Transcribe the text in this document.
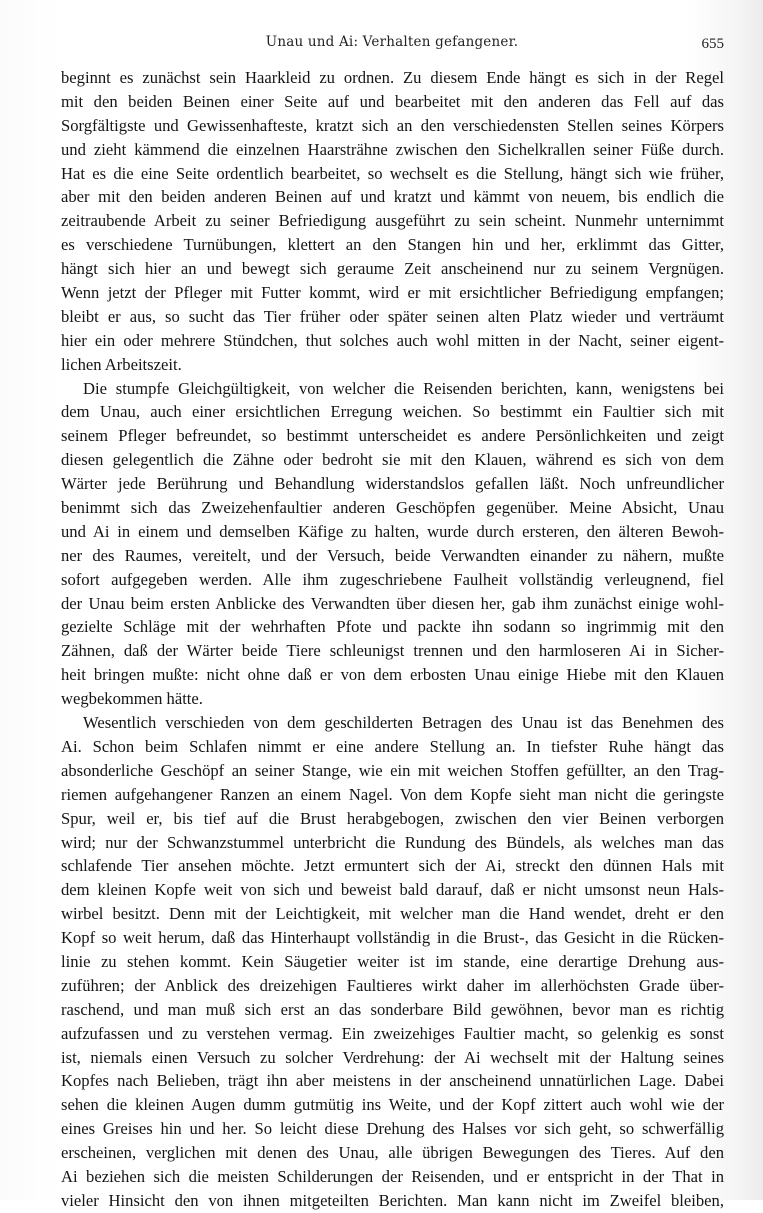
Unau und Ai: Verhalten gefangener.	655
beginnt es zunächst sein Haarkleid zu ordnen. Zu diesem Ende hängt es sich in der Regel
mit den beiden Beinen einer Seite auf und bearbeitet mit den anderen das Fell auf das
Sorgfältigste und Gewissenhafteste, kratzt sich an den verschiedensten Stellen seines Körpers
und zieht kämmend die einzelnen Haarsträhne zwischen den Sichelkrallen seiner Füße durch.
Hat es die eine Seite ordentlich bearbeitet, so wechselt es die Stellung, hängt sich wie früher,
aber mit den beiden anderen Beinen auf und kratzt und kämmt von neuem, bis endlich die
zeitraubende Arbeit zu seiner Befriedigung ausgeführt zu sein scheint. Nunmehr unternimmt
es verschiedene Turnübungen, klettert an den Stangen hin und her, erklimmt das Gitter,
hängt sich hier an und bewegt sich geraume Zeit anscheinend nur zu seinem Vergnügen.
Wenn jetzt der Pfleger mit Futter kommt, wird er mit ersichtlicher Befriedigung empfangen;
bleibt er aus, so sucht das Tier früher oder später seinen alten Platz wieder und verträumt
hier ein oder mehrere Stündchen, thut solches auch wohl mitten in der Nacht, seiner eigent-
lichen Arbeitszeit.
Die stumpfe Gleichgültigkeit, von welcher die Reisenden berichten, kann, wenigstens bei
dem Unau, auch einer ersichtlichen Erregung weichen. So bestimmt ein Faultier sich mit
seinem Pfleger befreundet, so bestimmt unterscheidet es andere Persönlichkeiten und zeigt
diesen gelegentlich die Zähne oder bedroht sie mit den Klauen, während es sich von dem
Wärter jede Berührung und Behandlung widerstandslos gefallen läßt. Noch unfreundlicher
benimmt sich das Zweizehenfaultier anderen Geschöpfen gegenüber. Meine Absicht, Unau
und Ai in einem und demselben Käfige zu halten, wurde durch ersteren, den älteren Bewoh-
ner des Raumes, vereitelt, und der Versuch, beide Verwandten einander zu nähern, mußte
sofort aufgegeben werden. Alle ihm zugeschriebene Faulheit vollständig verleugnend, fiel
der Unau beim ersten Anblicke des Verwandten über diesen her, gab ihm zunächst einige wohl-
gezielte Schläge mit der wehrhaften Pfote und packte ihn sodann so ingrimmig mit den
Zähnen, daß der Wärter beide Tiere schleunigst trennen und den harmloseren Ai in Sicher-
heit bringen mußte: nicht ohne daß er von dem erbosten Unau einige Hiebe mit den Klauen
wegbekommen hätte.
Wesentlich verschieden von dem geschilderten Betragen des Unau ist das Benehmen des
Ai. Schon beim Schlafen nimmt er eine andere Stellung an. In tiefster Ruhe hängt das
absonderliche Geschöpf an seiner Stange, wie ein mit weichen Stoffen gefüllter, an den Trag-
riemen aufgehangener Ranzen an einem Nagel. Von dem Kopfe sieht man nicht die geringste
Spur, weil er, bis tief auf die Brust herabgebogen, zwischen den vier Beinen verborgen
wird; nur der Schwanzstummel unterbricht die Rundung des Bündels, als welches man das
schlafende Tier ansehen möchte. Jetzt ermuntert sich der Ai, streckt den dünnen Hals mit
dem kleinen Kopfe weit von sich und beweist bald darauf, daß er nicht umsonst neun Hals-
wirbel besitzt. Denn mit der Leichtigkeit, mit welcher man die Hand wendet, dreht er den
Kopf so weit herum, daß das Hinterhaupt vollständig in die Brust-, das Gesicht in die Rücken-
linie zu stehen kommt. Kein Säugetier weiter ist im stande, eine derartige Drehung aus-
zuführen; der Anblick des dreizehigen Faultieres wirkt daher im allerhöchsten Grade über-
raschend, und man muß sich erst an das sonderbare Bild gewöhnen, bevor man es richtig
aufzufassen und zu verstehen vermag. Ein zweizehiges Faultier macht, so gelenkig es sonst
ist, niemals einen Versuch zu solcher Verdrehung: der Ai wechselt mit der Haltung seines
Kopfes nach Belieben, trägt ihn aber meistens in der anscheinend unnatürlichen Lage. Dabei
sehen die kleinen Augen dumm gutmütig ins Weite, und der Kopf zittert auch wohl wie der
eines Greises hin und her. So leicht diese Drehung des Halses vor sich geht, so schwerfällig
erscheinen, verglichen mit denen des Unau, alle übrigen Bewegungen des Tieres. Auf den
Ai beziehen sich die meisten Schilderungen der Reisenden, und er entspricht in der That in
vieler Hinsicht den von ihnen mitgeteilten Berichten. Man kann nicht im Zweifel bleiben,
